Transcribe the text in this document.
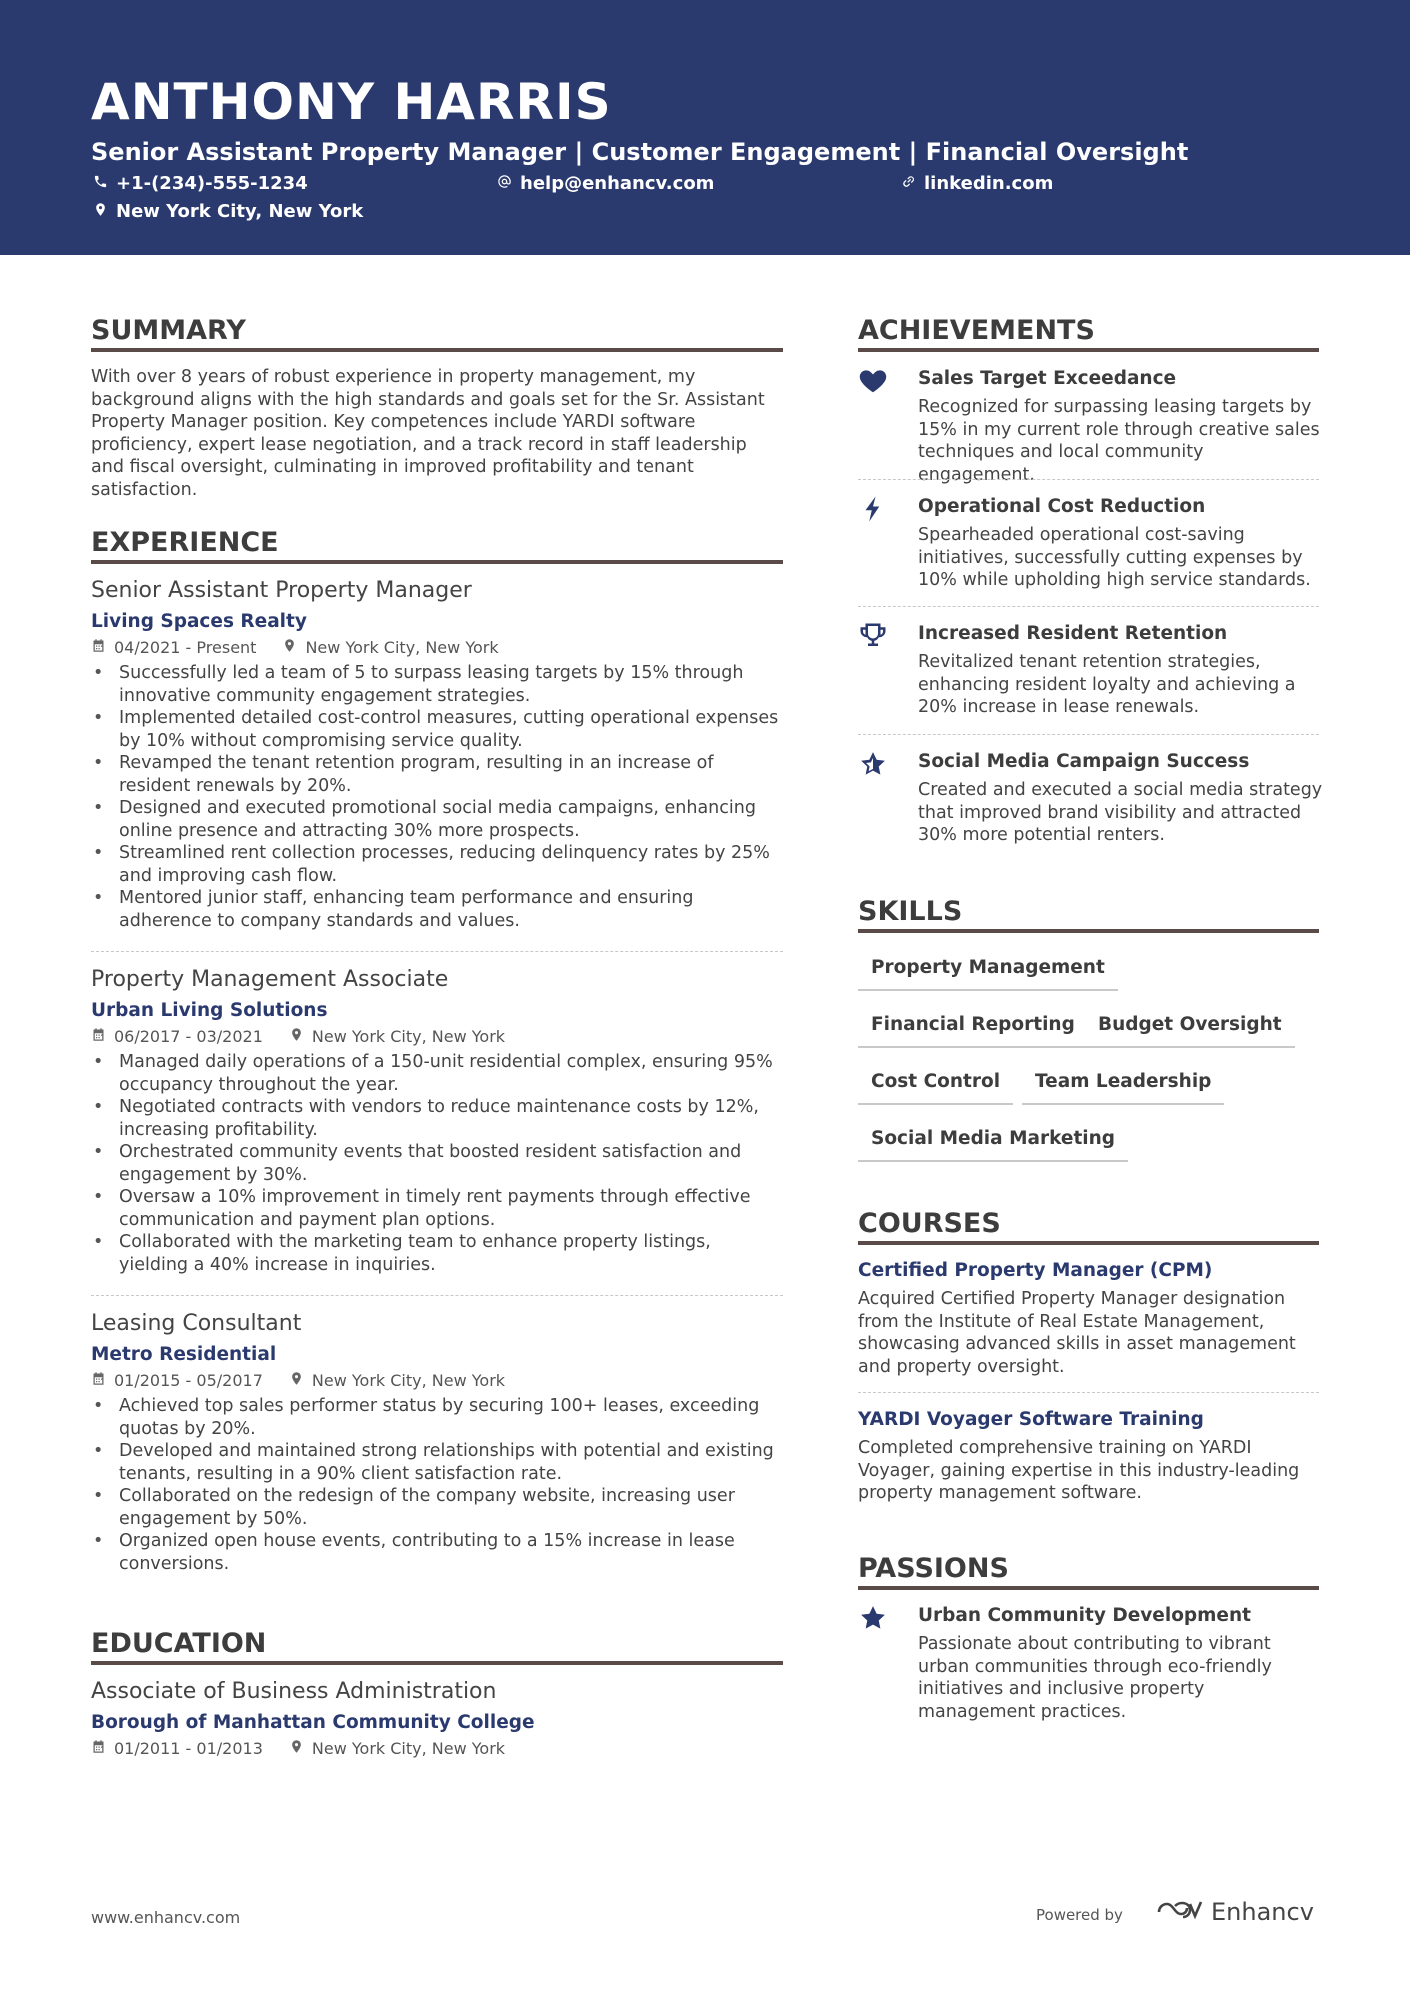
ANTHONY HARRIS
Senior Assistant Property Manager | Customer Engagement | Financial Oversight
+1-(234)-555-1234	help@enhancv.com	linkedin.com
New York City, New York
SUMMARY
With over 8 years of robust experience in property management, my background aligns with the high standards and goals set for the Sr. Assistant Property Manager position. Key competences include YARDI software proficiency, expert lease negotiation, and a track record in staff leadership and fiscal oversight, culminating in improved profitability and tenant satisfaction.
EXPERIENCE
Senior Assistant Property Manager
Living Spaces Realty
04/2021 - Present	New York City, New York
• Successfully led a team of 5 to surpass leasing targets by 15% through innovative community engagement strategies.
• Implemented detailed cost-control measures, cutting operational expenses by 10% without compromising service quality.
• Revamped the tenant retention program, resulting in an increase of resident renewals by 20%.
• Designed and executed promotional social media campaigns, enhancing online presence and attracting 30% more prospects.
• Streamlined rent collection processes, reducing delinquency rates by 25% and improving cash flow.
• Mentored junior staff, enhancing team performance and ensuring adherence to company standards and values.
Property Management Associate
Urban Living Solutions
06/2017 - 03/2021	New York City, New York
• Managed daily operations of a 150-unit residential complex, ensuring 95% occupancy throughout the year.
• Negotiated contracts with vendors to reduce maintenance costs by 12%, increasing profitability.
• Orchestrated community events that boosted resident satisfaction and engagement by 30%.
• Oversaw a 10% improvement in timely rent payments through effective communication and payment plan options.
• Collaborated with the marketing team to enhance property listings, yielding a 40% increase in inquiries.
Leasing Consultant
Metro Residential
01/2015 - 05/2017	New York City, New York
• Achieved top sales performer status by securing 100+ leases, exceeding quotas by 20%.
• Developed and maintained strong relationships with potential and existing tenants, resulting in a 90% client satisfaction rate.
• Collaborated on the redesign of the company website, increasing user engagement by 50%.
• Organized open house events, contributing to a 15% increase in lease conversions.
EDUCATION
Associate of Business Administration
Borough of Manhattan Community College
01/2011 - 01/2013	New York City, New York
ACHIEVEMENTS
Sales Target Exceedance
Recognized for surpassing leasing targets by 15% in my current role through creative sales techniques and local community engagement.
Operational Cost Reduction
Spearheaded operational cost-saving initiatives, successfully cutting expenses by 10% while upholding high service standards.
Increased Resident Retention
Revitalized tenant retention strategies, enhancing resident loyalty and achieving a 20% increase in lease renewals.
Social Media Campaign Success
Created and executed a social media strategy that improved brand visibility and attracted 30% more potential renters.
SKILLS
Property Management
Financial Reporting	Budget Oversight
Cost Control	Team Leadership
Social Media Marketing
COURSES
Certified Property Manager (CPM)
Acquired Certified Property Manager designation from the Institute of Real Estate Management, showcasing advanced skills in asset management and property oversight.
YARDI Voyager Software Training
Completed comprehensive training on YARDI Voyager, gaining expertise in this industry-leading property management software.
PASSIONS
Urban Community Development
Passionate about contributing to vibrant urban communities through eco-friendly initiatives and inclusive property management practices.
www.enhancv.com	Powered by	Enhancv
